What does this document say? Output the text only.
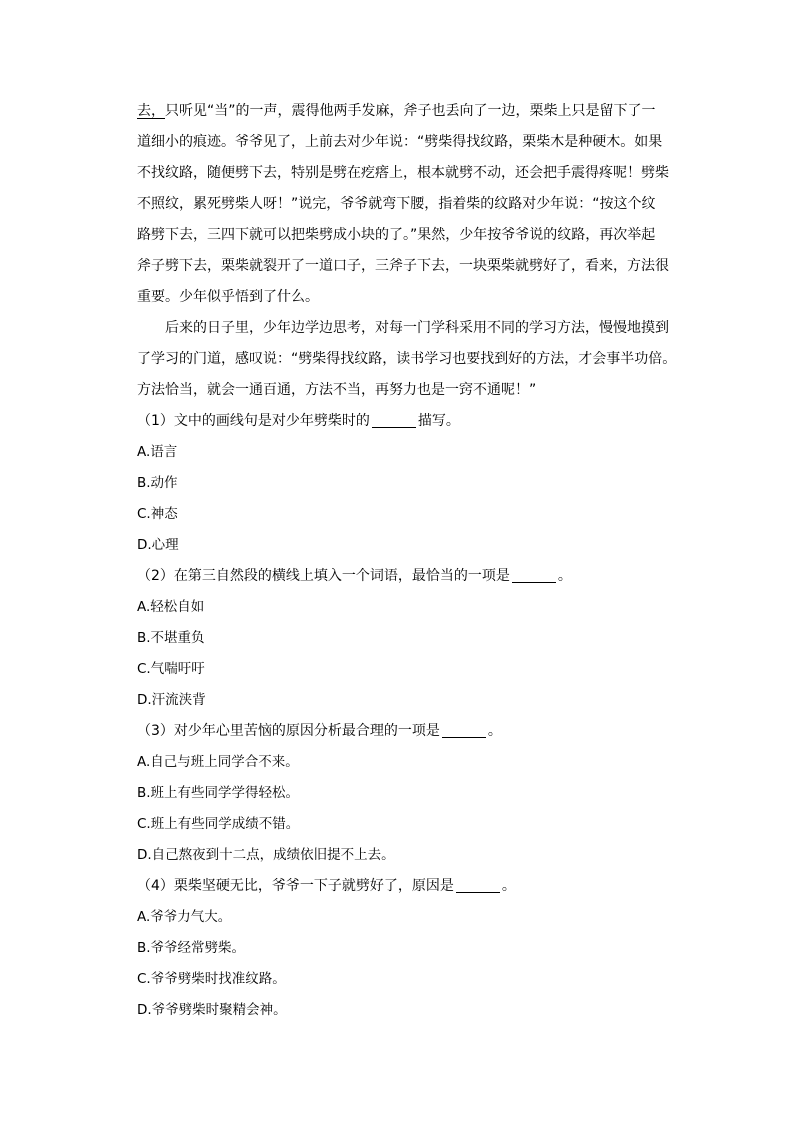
去，只听见“当”的一声，震得他两手发麻，斧子也丢向了一边，栗柴上只是留下了一
道细小的痕迹。爷爷见了，上前去对少年说：“劈柴得找纹路，栗柴木是种硬木。如果
不找纹路，随便劈下去，特别是劈在疙瘩上，根本就劈不动，还会把手震得疼呢！劈柴
不照纹，累死劈柴人呀！”说完，爷爷就弯下腰，指着柴的纹路对少年说：“按这个纹
路劈下去，三四下就可以把柴劈成小块的了。”果然，少年按爷爷说的纹路，再次举起
斧子劈下去，栗柴就裂开了一道口子，三斧子下去，一块栗柴就劈好了，看来，方法很
重要。少年似乎悟到了什么。
后来的日子里，少年边学边思考，对每一门学科采用不同的学习方法，慢慢地摸到
了学习的门道，感叹说：“劈柴得找纹路，读书学习也要找到好的方法，才会事半功倍。
方法恰当，就会一通百通，方法不当，再努力也是一窍不通呢！”
（1）文中的画线句是对少年劈柴时的	描写。
A.语言
B.动作
C.神态
D.心理
（2）在第三自然段的横线上填入一个词语，最恰当的一项是	。
A.轻松自如
B.不堪重负
C.气喘吁吁
D.汗流浃背
（3）对少年心里苦恼的原因分析最合理的一项是	。
A.自己与班上同学合不来。
B.班上有些同学学得轻松。
C.班上有些同学成绩不错。
D.自己熬夜到十二点，成绩依旧提不上去。
（4）栗柴坚硬无比，爷爷一下子就劈好了，原因是	。
A.爷爷力气大。
B.爷爷经常劈柴。
C.爷爷劈柴时找准纹路。
D.爷爷劈柴时聚精会神。
